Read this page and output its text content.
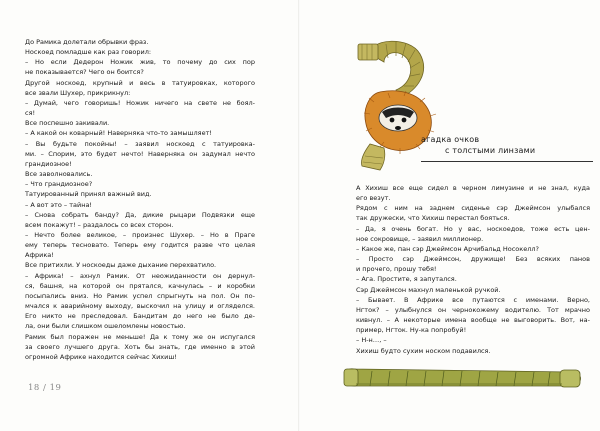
До Рамика долетали обрывки фраз.

Носкоед помладше как раз говорил:

– Но если Дедерон Ножик жив, то почему до сих пор

не показывается? Чего он боится?

Другой носкоед, крупный и весь в татуировках, которого

все звали Шухер, прикрикнул:

– Думай, чего говоришь! Ножик ничего на свете не боял-

ся!

Все поспешно закивали.

– А какой он коварный! Наверняка что-то замышляет!

– Вы будьте покойны! – заявил носкоед с татуировка-

ми. – Спорим, это будет нечто! Наверняка он задумал нечто

грандиозное!

Все заволновались.

– Что грандиозное?

Татуированный принял важный вид.

– А вот это – тайна!

– Снова собрать банду? Да, дикие рыцари Подвязки еще

всем покажут! – раздалось со всех сторон.

– Нечто более великое, – произнес Шухер. – Но в Праге

ему теперь тесновато. Теперь ему годится разве что целая

Африка!

Все притихли. У носкоеды даже дыхание перехватило.

– Африка! – ахнул Рамик. От неожиданности он дернул-

ся, башня, на которой он прятался, качнулась – и коробки

посыпались вниз. Но Рамик успел спрыгнуть на пол. Он по-

мчался к аварийному выходу, выскочил на улицу и огляделся.

Его никто не преследовал. Бандитам до него не было де-

ла, они были слишком ошеломлены новостью.

Рамик был поражен не меньше! Да к тому же он испугался

за своего лучшего друга. Хоть бы знать, где именно в этой

огромной Африке находится сейчас Хихиш!

18 / 19
агадка очков
с толстыми линзами

А Хихиш все еще сидел в черном лимузине и не знал, куда

его везут.

Рядом с ним на заднем сиденье сэр Джеймсон улыбался

так дружески, что Хихиш перестал бояться.

– Да, я очень богат. Но у вас, носкоедов, тоже есть цен-

ное сокровище, – заявил миллионер.

– Какое же, пан сэр Джеймсон Арчибальд Носокелл?

– Просто сэр Джеймсон, дружище! Без всяких панов

и прочего, прошу тебя!

– Ага. Простите, я запутался.

Сэр Джеймсон махнул маленькой ручкой.

– Бывает. В Африке все путаются с именами. Верно,

Нгток? – улыбнулся он чернокожему водителю. Тот мрачно

кивнул. – А некоторые имена вообще не выговорить. Вот, на-

пример, Нгток. Ну-ка попробуй!

– Н-н…, –

Хихиш будто сухим носком подавился.
